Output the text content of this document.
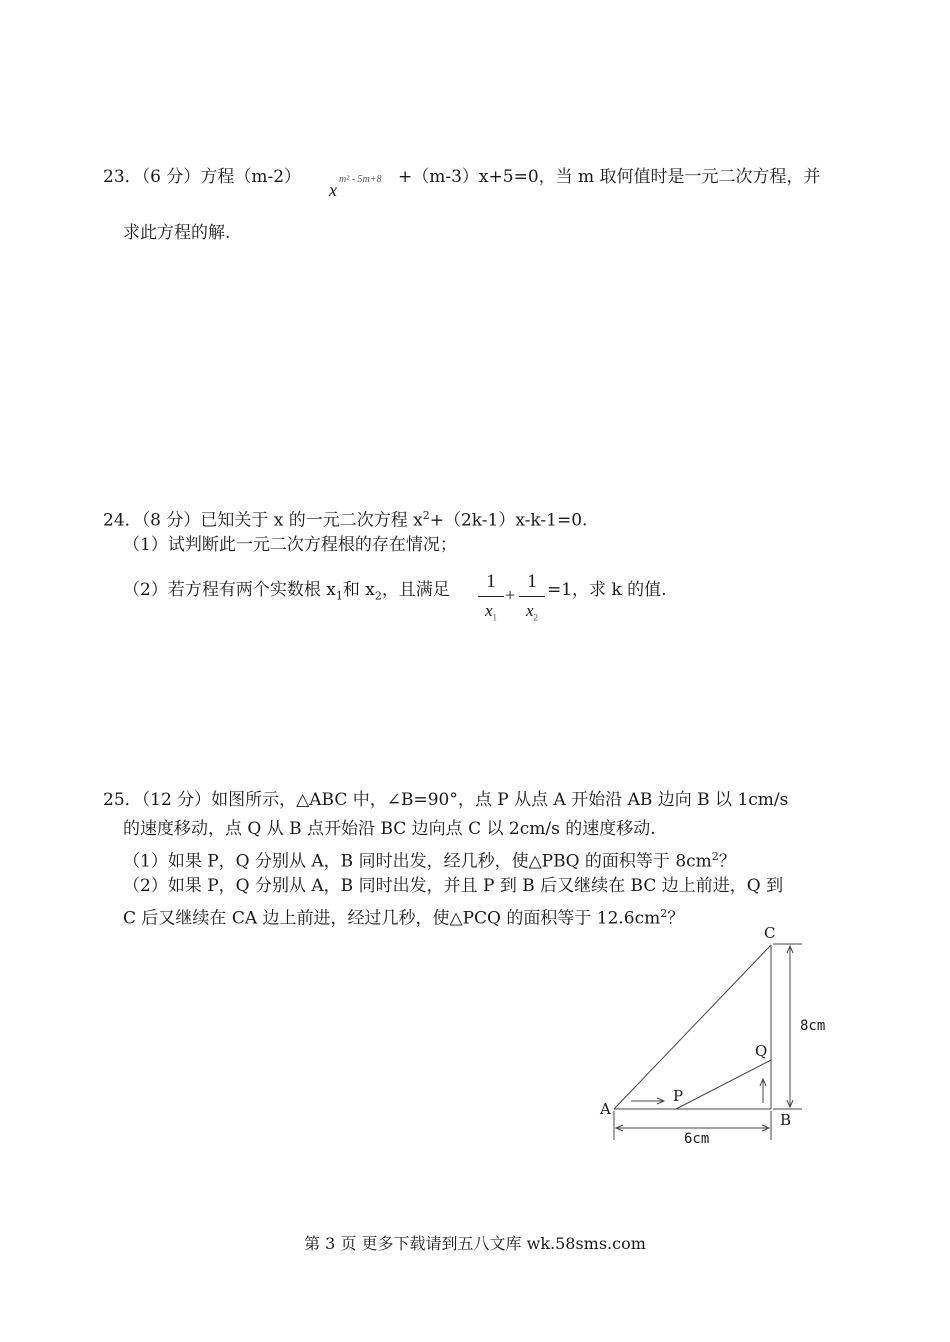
23．（6 分）方程（m-2）
x
m² - 5m+8 +（m-3）x+5=0，当 m 取何值时是一元二次方程，并
求此方程的解.
24．（8 分）已知关于 x 的一元二次方程 $x^2+(2k-1)x-k-1=0$.
（1）试判断此一元二次方程根的存在情况；
（2）若方程有两个实数根 $x_1$和 $x_2$，且满足	1
$x_1$
+
1
$x_2$
=1，求 k 的值.
25．（12 分）如图所示，△ABC 中，∠B=90°，点 P 从点 A 开始沿 AB 边向 B 以 1cm/s
的速度移动，点 Q 从 B 点开始沿 BC 边向点 C 以 2cm/s 的速度移动.
（1）如果 P，Q 分别从 A，B 同时出发，经几秒，使△PBQ 的面积等于 $8cm^2$？
（2）如果 P，Q 分别从 A，B 同时出发，并且 P 到 B 后又继续在 BC 边上前进，Q 到
C 后又继续在 CA 边上前进，经过几秒，使△PCQ 的面积等于 $12.6cm^2$？
A
B
C
P
Q
8cm
6cm
第 3 页 更多下载请到五八文库 wk.58sms.com
